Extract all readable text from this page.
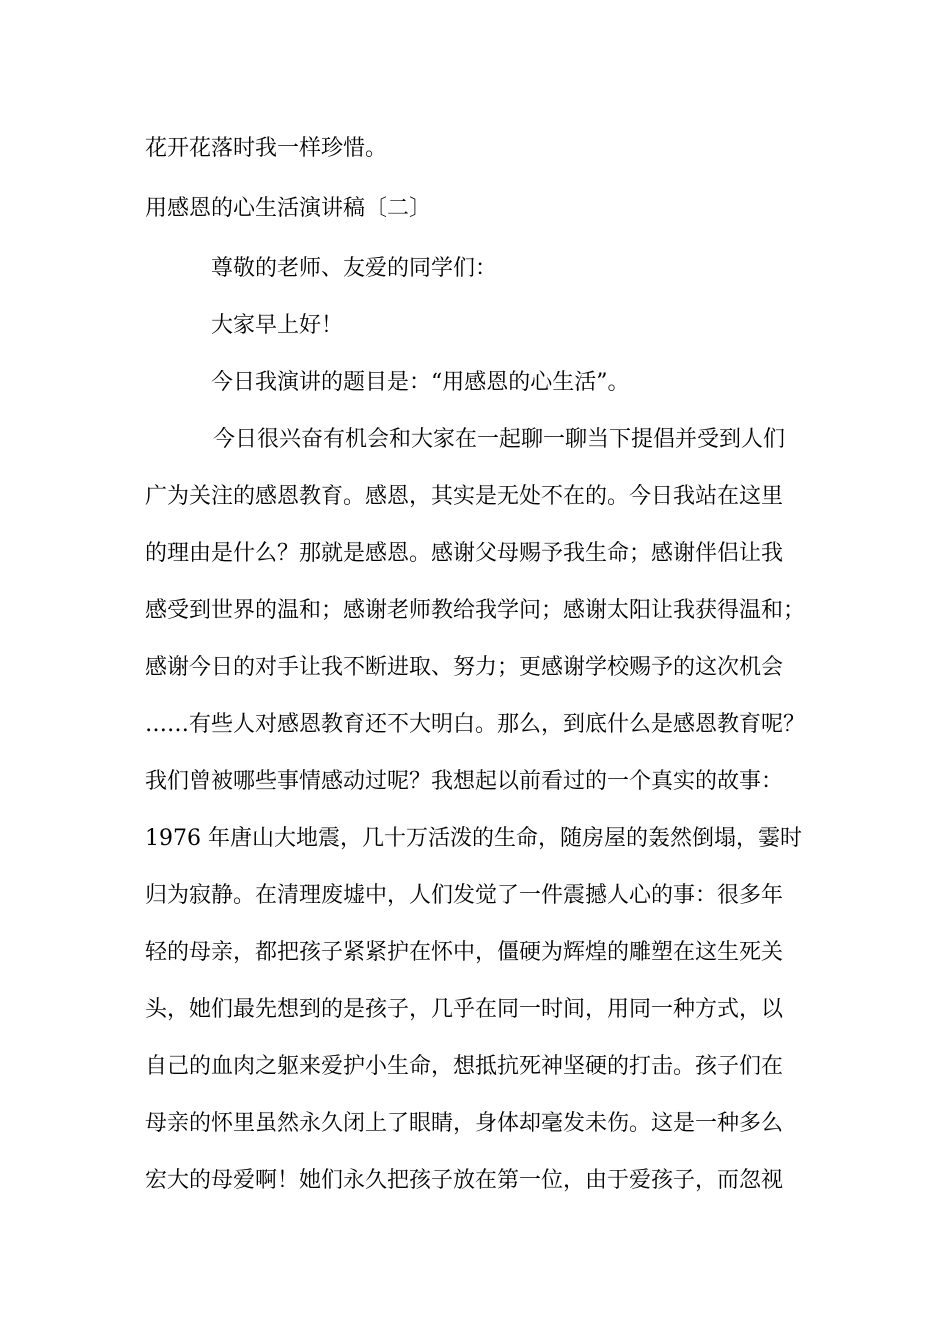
花开花落时我一样珍惜。
用感恩的心生活演讲稿〔二〕
尊敬的老师、友爱的同学们：
大家早上好！
今日我演讲的题目是：“用感恩的心生活”。
今日很兴奋有机会和大家在一起聊一聊当下提倡并受到人们
广为关注的感恩教育。感恩，其实是无处不在的。今日我站在这里
的理由是什么？那就是感恩。感谢父母赐予我生命；感谢伴侣让我
感受到世界的温和；感谢老师教给我学问；感谢太阳让我获得温和；
感谢今日的对手让我不断进取、努力；更感谢学校赐予的这次机会
……有些人对感恩教育还不大明白。那么，到底什么是感恩教育呢？
我们曾被哪些事情感动过呢？我想起以前看过的一个真实的故事：
1976 年唐山大地震，几十万活泼的生命，随房屋的轰然倒塌，霎时
归为寂静。在清理废墟中，人们发觉了一件震撼人心的事：很多年
轻的母亲，都把孩子紧紧护在怀中，僵硬为辉煌的雕塑在这生死关
头，她们最先想到的是孩子，几乎在同一时间，用同一种方式，以
自己的血肉之躯来爱护小生命，想抵抗死神坚硬的打击。孩子们在
母亲的怀里虽然永久闭上了眼睛，身体却毫发未伤。这是一种多么
宏大的母爱啊！她们永久把孩子放在第一位，由于爱孩子，而忽视
